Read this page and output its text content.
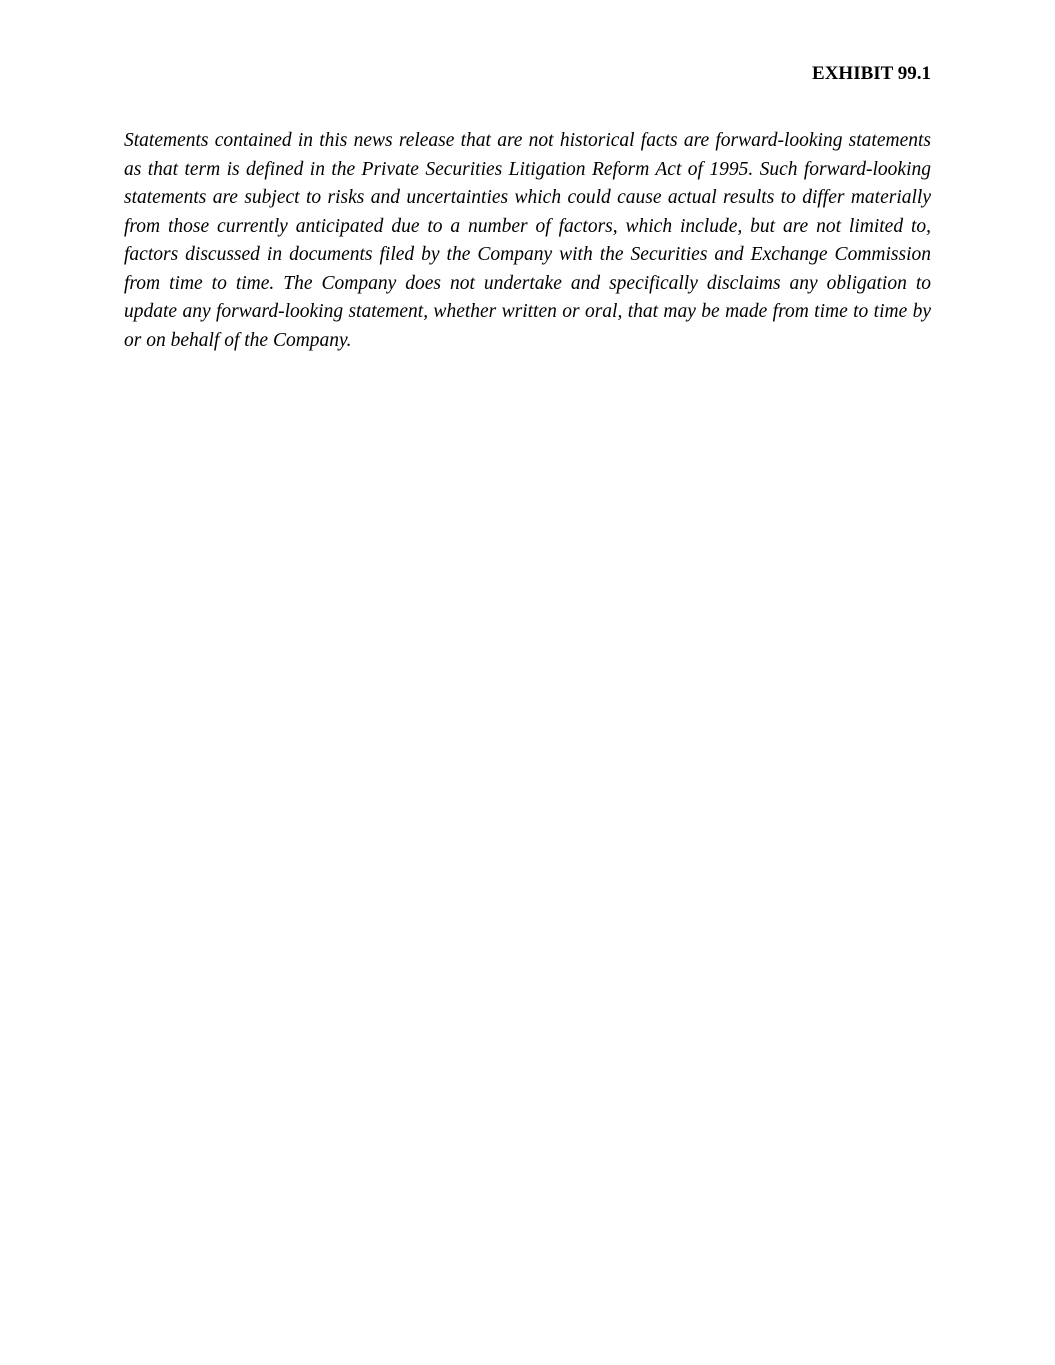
EXHIBIT 99.1

Statements contained in this news release that are not historical facts are forward-looking statements as that term is defined in the Private Securities Litigation Reform Act of 1995. Such forward-looking statements are subject to risks and uncertainties which could cause actual results to differ materially from those currently anticipated due to a number of factors, which include, but are not limited to, factors discussed in documents filed by the Company with the Securities and Exchange Commission from time to time. The Company does not undertake and specifically disclaims any obligation to update any forward-looking statement, whether written or oral, that may be made from time to time by or on behalf of the Company.
